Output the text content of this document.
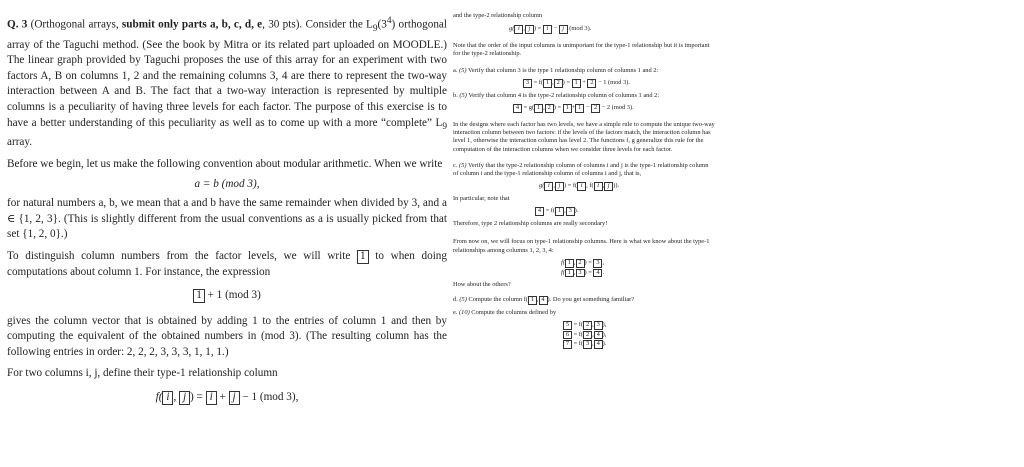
Q. 3 (Orthogonal arrays, submit only parts a, b, c, d, e, 30 pts). Consider the $L_9(3^4)$ orthogonal array of the Taguchi method. (See the book by Mitra or its related part uploaded on MOODLE.) The linear graph provided by Taguchi proposes the use of this array for an experiment with two factors A, B on columns 1, 2 and the remaining columns 3, 4 are there to represent the two-way interaction between A and B. The fact that a two-way interaction is represented by multiple columns is a peculiarity of having three levels for each factor. The purpose of this exercise is to have a better understanding of this peculiarity as well as to come up with a more “complete” $L_9$ array.

Before we begin, let us make the following convention about modular arithmetic. When we write

a = b (mod 3),

for natural numbers a, b, we mean that a and b have the same remainder when divided by 3, and a ∈ {1, 2, 3}. (This is slightly different from the usual conventions as a is usually picked from that set {1, 2, 0}.)

To distinguish column numbers from the factor levels, we will write 1 to when doing computations about column 1. For instance, the expression

1 + 1 (mod 3)

gives the column vector that is obtained by adding 1 to the entries of column 1 and then by computing the equivalent of the obtained numbers in (mod 3). (The resulting column has the following entries in order: 2, 2, 2, 3, 3, 3, 1, 1, 1.)

For two columns i, j, define their type-1 relationship column

f( i , j ) = i + j − 1 (mod 3),

and the type-2 relationship column

g( i , j ) = i − j (mod 3).

Note that the order of the input columns is unimportant for the type-1 relationship but it is important for the type-2 relationship.

a. (5) Verify that column 3 is the type 1 relationship column of columns 1 and 2:

3 = f( 1 , 2 ) = 1 + 2 − 1 (mod 3).

b. (5) Verify that column 4 is the type-2 relationship column of columns 1 and 2:

4 = g( 1 , 2 ) = 1 + 1 − 2 − 2 (mod 3).

In the designs where each factor has two levels, we have a simple rule to compute the unique two-way interaction column between two factors: if the levels of the factors match, the interaction column has level 1, otherwise the interaction column has level 2. The functions f, g generalize this rule for the computation of the interaction columns when we consider three levels for each factor.

c. (5) Verify that the type-2 relationship column of columns i and j is the type-1 relationship column of column i and the type-1 relationship column of columns i and j, that is,

g( i , j ) = f( i , f( i , j )).

In particular, note that

4 = f( 1 , 3 ).

Therefore, type 2 relationship columns are really secondary!

From now on, we will focus on type-1 relationship columns. Here is what we know about the type-1 relationships among columns 1, 2, 3, 4:

f( 1 , 2 ) = 3 ,

f( 1 , 3 ) = 4 .

How about the others?

d. (5) Compute the column f( 1 , 4 ). Do you get something familiar?

e. (10) Compute the columns defined by

5 = f( 2 , 3 ),

6 = f( 2 , 4 ),

7 = f( 3 , 4 ).
